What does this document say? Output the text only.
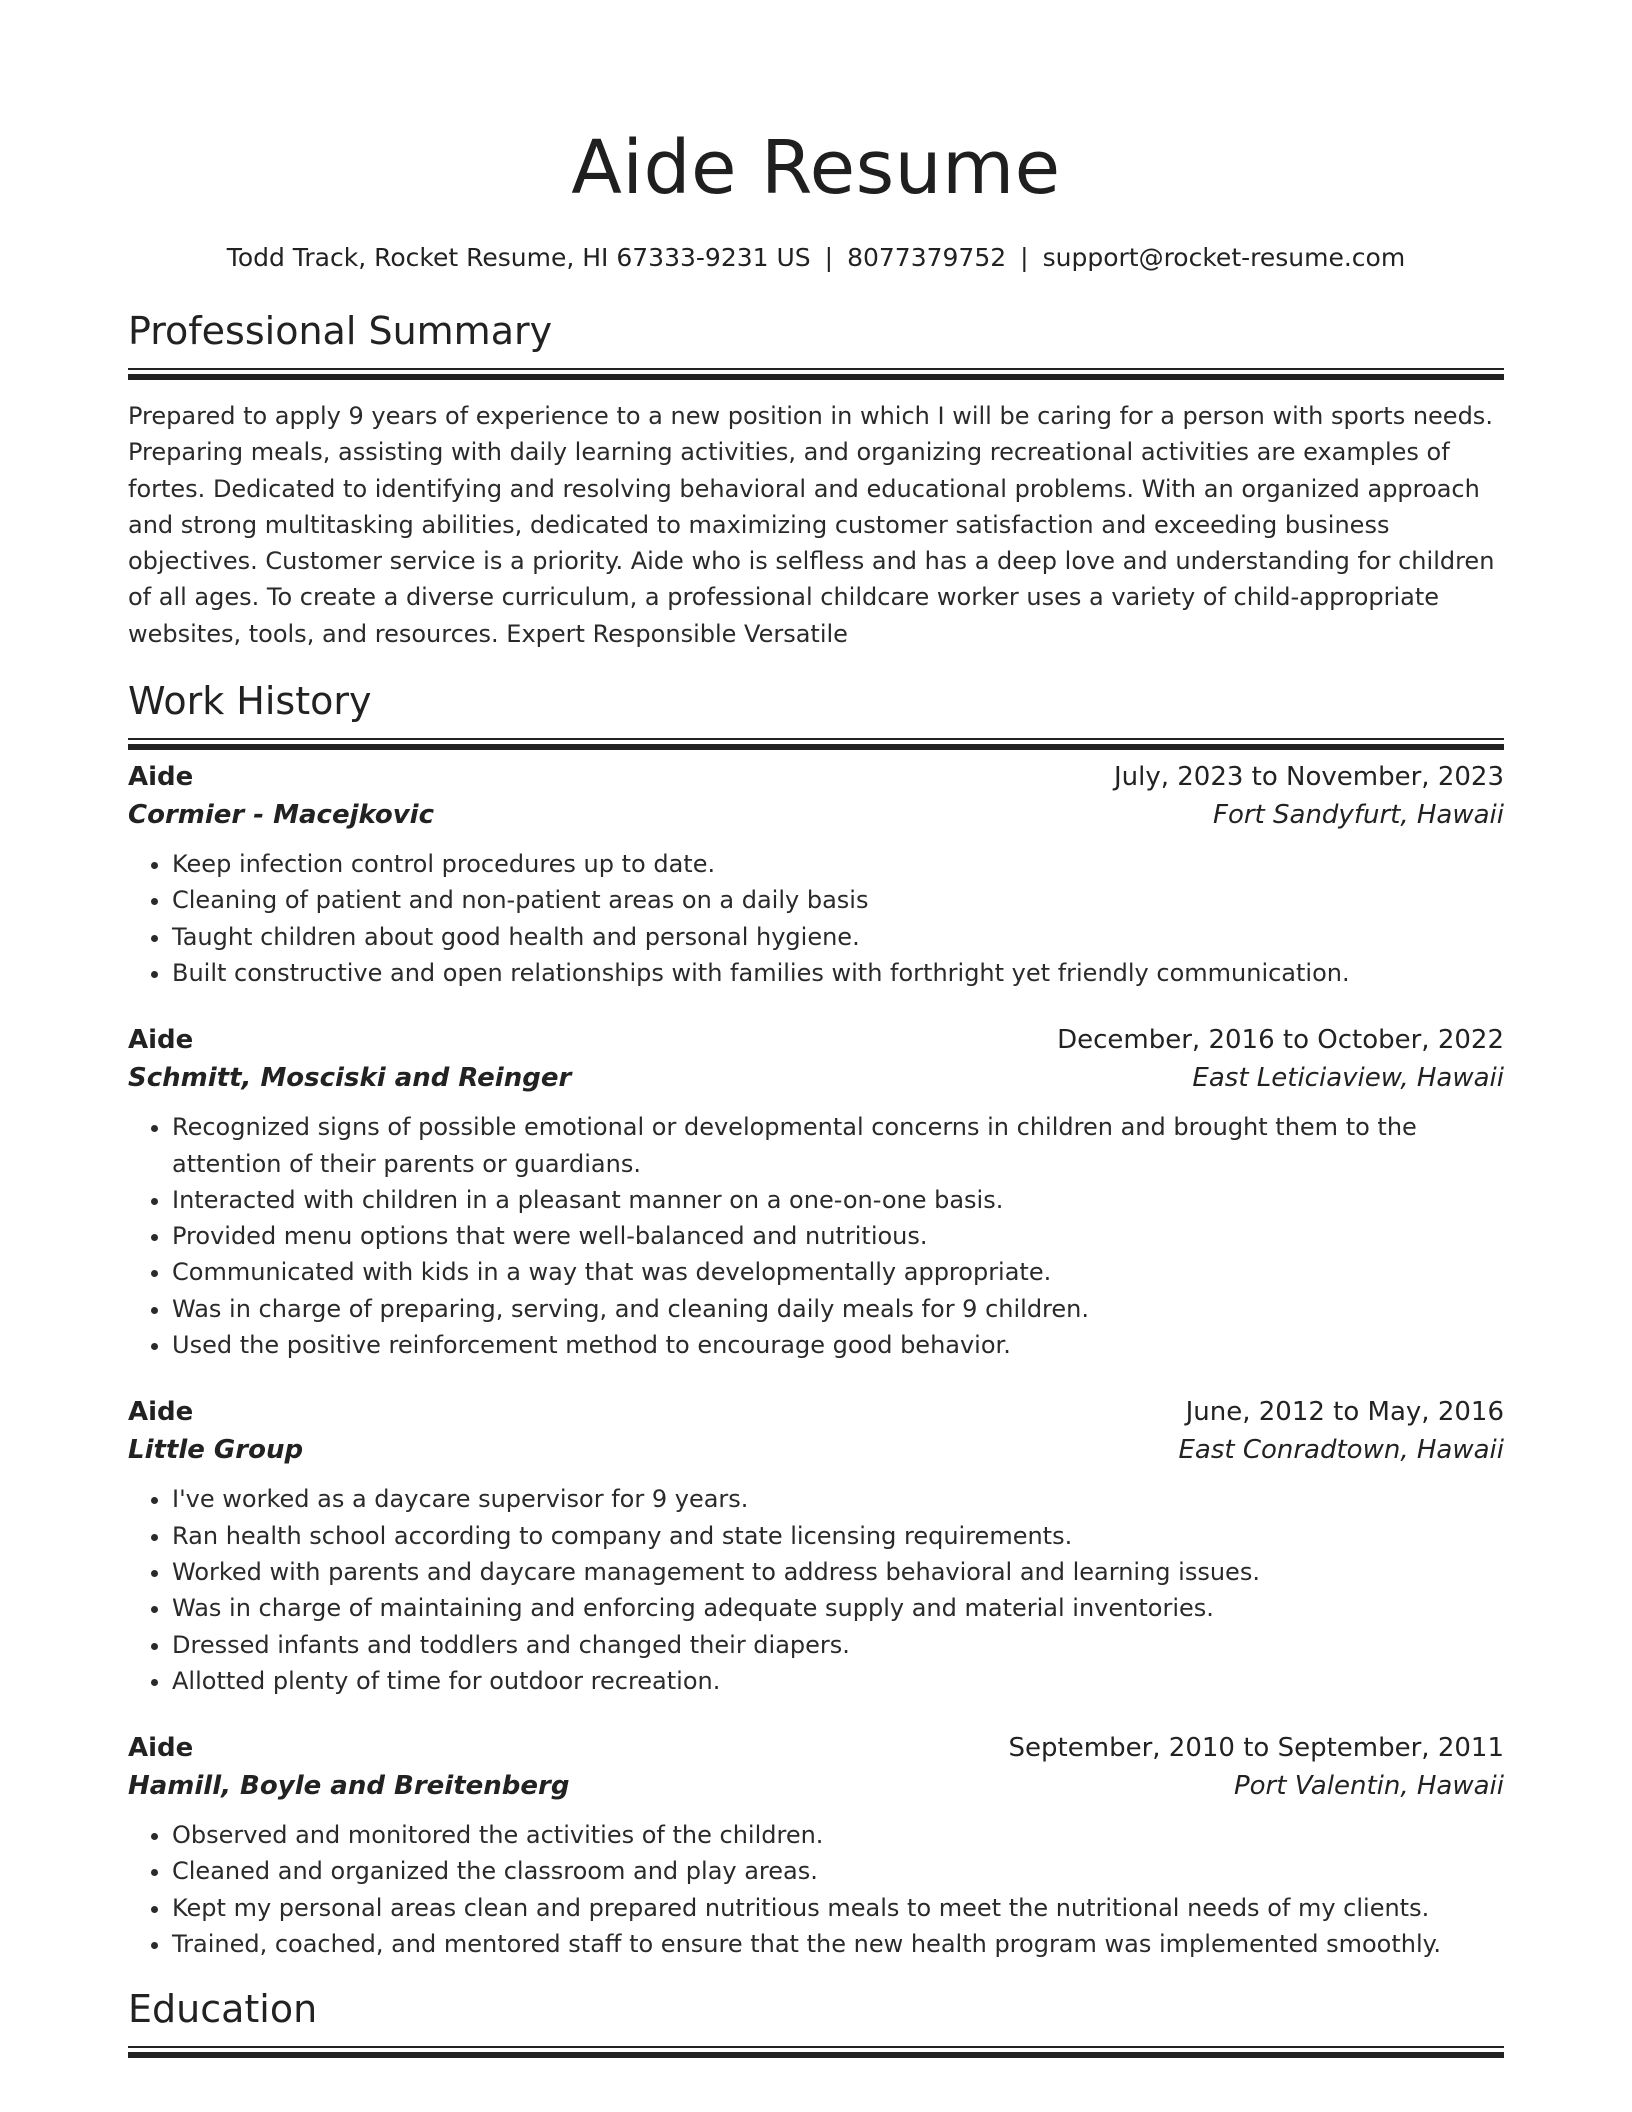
Aide Resume
Todd Track, Rocket Resume, HI 67333-9231 US | 8077379752 | support@rocket-resume.com
Professional Summary

Prepared to apply 9 years of experience to a new position in which I will be caring for a person with sports needs. Preparing meals, assisting with daily learning activities, and organizing recreational activities are examples of fortes. Dedicated to identifying and resolving behavioral and educational problems. With an organized approach and strong multitasking abilities, dedicated to maximizing customer satisfaction and exceeding business objectives. Customer service is a priority. Aide who is selfless and has a deep love and understanding for children of all ages. To create a diverse curriculum, a professional childcare worker uses a variety of child-appropriate websites, tools, and resources. Expert Responsible Versatile

Work History
Aide	July, 2023 to November, 2023
Cormier - Macejkovic	Fort Sandyfurt, Hawaii
• Keep infection control procedures up to date.
• Cleaning of patient and non-patient areas on a daily basis
• Taught children about good health and personal hygiene.
• Built constructive and open relationships with families with forthright yet friendly communication.
Aide	December, 2016 to October, 2022
Schmitt, Mosciski and Reinger	East Leticiaview, Hawaii
• Recognized signs of possible emotional or developmental concerns in children and brought them to the attention of their parents or guardians.
• Interacted with children in a pleasant manner on a one-on-one basis.
• Provided menu options that were well-balanced and nutritious.
• Communicated with kids in a way that was developmentally appropriate.
• Was in charge of preparing, serving, and cleaning daily meals for 9 children.
• Used the positive reinforcement method to encourage good behavior.
Aide	June, 2012 to May, 2016
Little Group	East Conradtown, Hawaii
• I've worked as a daycare supervisor for 9 years.
• Ran health school according to company and state licensing requirements.
• Worked with parents and daycare management to address behavioral and learning issues.
• Was in charge of maintaining and enforcing adequate supply and material inventories.
• Dressed infants and toddlers and changed their diapers.
• Allotted plenty of time for outdoor recreation.
Aide	September, 2010 to September, 2011
Hamill, Boyle and Breitenberg	Port Valentin, Hawaii
• Observed and monitored the activities of the children.
• Cleaned and organized the classroom and play areas.
• Kept my personal areas clean and prepared nutritious meals to meet the nutritional needs of my clients.
• Trained, coached, and mentored staff to ensure that the new health program was implemented smoothly.
Education
